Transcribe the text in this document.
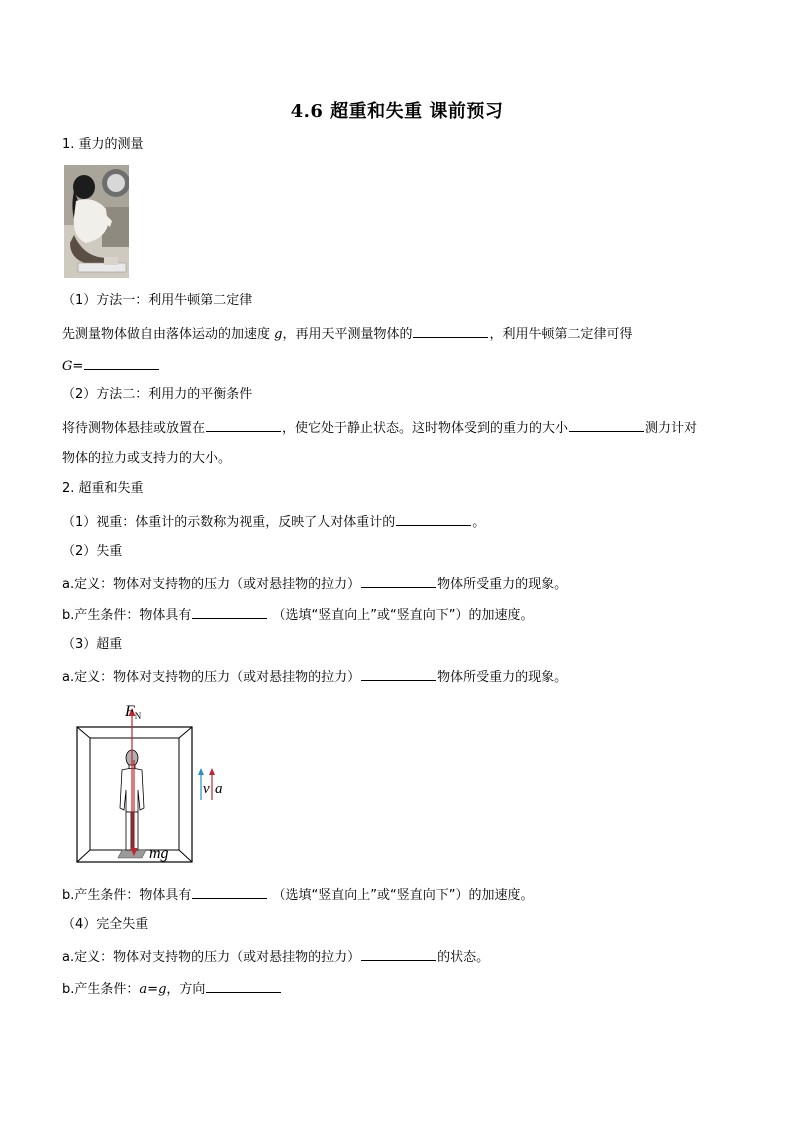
4.6 超重和失重 课前预习
1. 重力的测量
（1）方法一：利用牛顿第二定律
先测量物体做自由落体运动的加速度 g，再用天平测量物体的	，利用牛顿第二定律可得
G=
（2）方法二：利用力的平衡条件
将待测物体悬挂或放置在	，使它处于静止状态。这时物体受到的重力的大小	测力计对
物体的拉力或支持力的大小。
2. 超重和失重
（1）视重：体重计的示数称为视重，反映了人对体重计的	。
（2）失重
a.定义：物体对支持物的压力（或对悬挂物的拉力）	物体所受重力的现象。
b.产生条件：物体具有	（选填“竖直向上”或“竖直向下”）的加速度。
（3）超重
a.定义：物体对支持物的压力（或对悬挂物的拉力）	物体所受重力的现象。
FN
mg
v a
b.产生条件：物体具有	（选填“竖直向上”或“竖直向下”）的加速度。
（4）完全失重
a.定义：物体对支持物的压力（或对悬挂物的拉力）	的状态。
b.产生条件：a=g，方向
